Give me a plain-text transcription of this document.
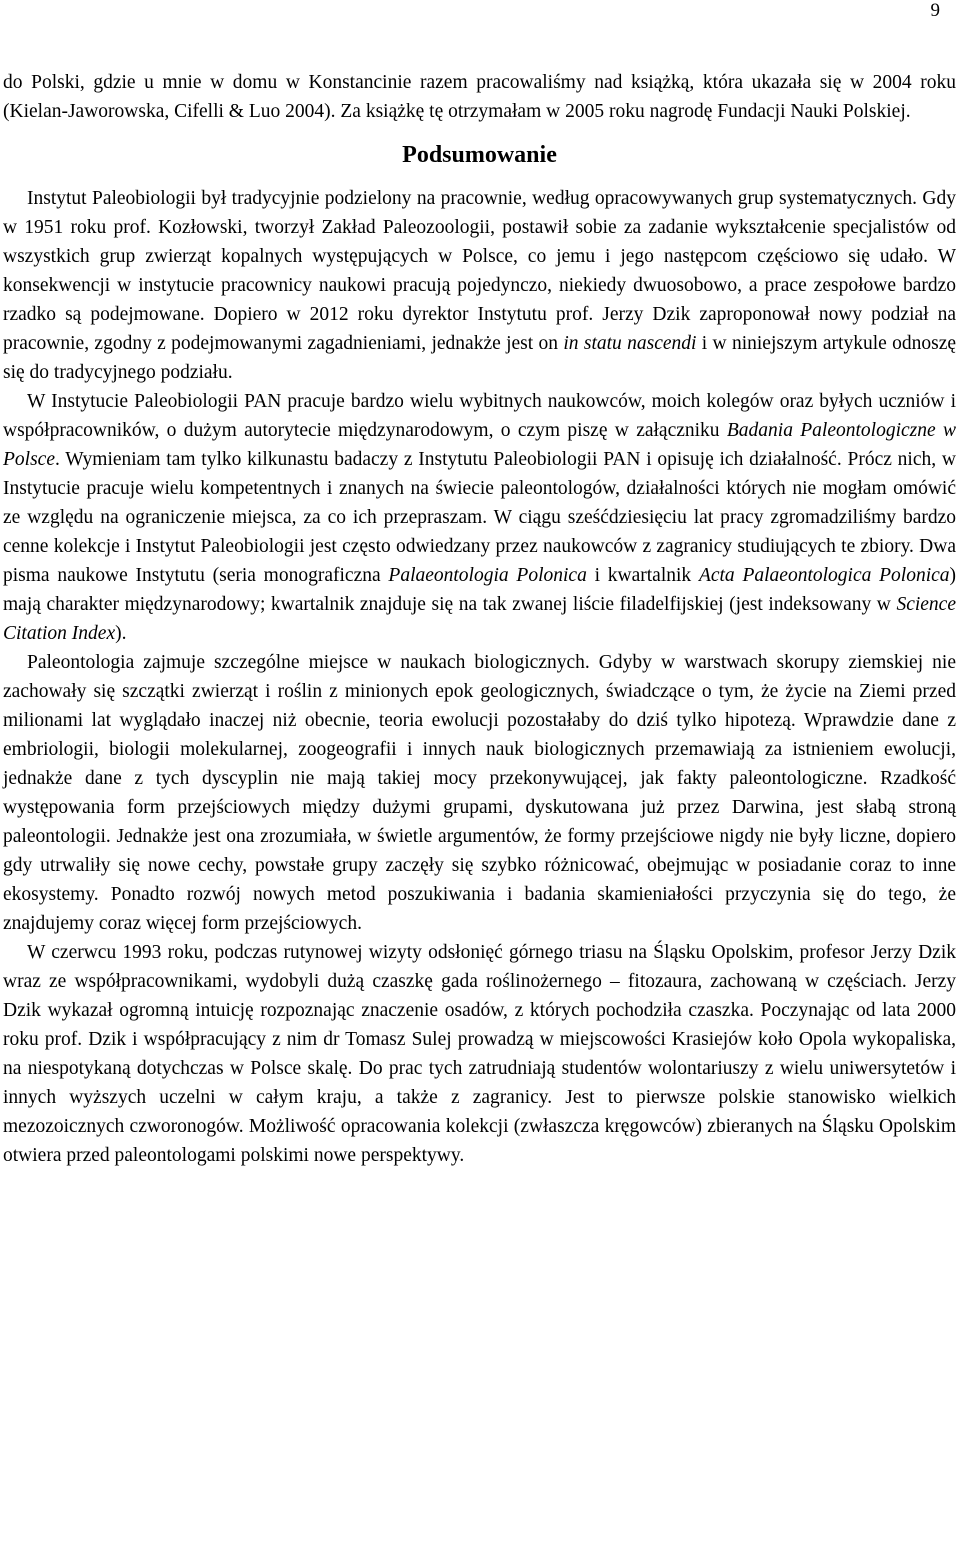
9

do Polski, gdzie u mnie w domu w Konstancinie razem pracowaliśmy nad książką, która ukazała się w 2004 roku (Kielan-Jaworowska, Cifelli & Luo 2004). Za książkę tę otrzymałam w 2005 roku nagrodę Fundacji Nauki Polskiej.

Podsumowanie

Instytut Paleobiologii był tradycyjnie podzielony na pracownie, według opracowywanych grup systematycznych. Gdy w 1951 roku prof. Kozłowski, tworzył Zakład Paleozoologii, postawił sobie za zadanie wykształcenie specjalistów od wszystkich grup zwierząt kopalnych występujących w Polsce, co jemu i jego następcom częściowo się udało. W konsekwencji w instytucie pracownicy naukowi pracują pojedynczo, niekiedy dwuosobowo, a prace zespołowe bardzo rzadko są podejmowane. Dopiero w 2012 roku dyrektor Instytutu prof. Jerzy Dzik zaproponował nowy podział na pracownie, zgodny z podejmowanymi zagadnieniami, jednakże jest on in statu nascendi i w niniejszym artykule odnoszę się do tradycyjnego podziału.

W Instytucie Paleobiologii PAN pracuje bardzo wielu wybitnych naukowców, moich kolegów oraz byłych uczniów i współpracowników, o dużym autorytecie międzynarodowym, o czym piszę w załączniku Badania Paleontologiczne w Polsce. Wymieniam tam tylko kilkunastu badaczy z Instytutu Paleobiologii PAN i opisuję ich działalność. Prócz nich, w Instytucie pracuje wielu kompetentnych i znanych na świecie paleontologów, działalności których nie mogłam omówić ze względu na ograniczenie miejsca, za co ich przepraszam. W ciągu sześćdziesięciu lat pracy zgromadziliśmy bardzo cenne kolekcje i Instytut Paleobiologii jest często odwiedzany przez naukowców z zagranicy studiujących te zbiory. Dwa pisma naukowe Instytutu (seria monograficzna Palaeontologia Polonica i kwartalnik Acta Palaeontologica Polonica) mają charakter międzynarodowy; kwartalnik znajduje się na tak zwanej liście filadelfijskiej (jest indeksowany w Science Citation Index).

Paleontologia zajmuje szczególne miejsce w naukach biologicznych. Gdyby w warstwach skorupy ziemskiej nie zachowały się szczątki zwierząt i roślin z minionych epok geologicznych, świadczące o tym, że życie na Ziemi przed milionami lat wyglądało inaczej niż obecnie, teoria ewolucji pozostałaby do dziś tylko hipotezą. Wprawdzie dane z embriologii, biologii molekularnej, zoogeografii i innych nauk biologicznych przemawiają za istnieniem ewolucji, jednakże dane z tych dyscyplin nie mają takiej mocy przekonywującej, jak fakty paleontologiczne. Rzadkość występowania form przejściowych między dużymi grupami, dyskutowana już przez Darwina, jest słabą stroną paleontologii. Jednakże jest ona zrozumiała, w świetle argumentów, że formy przejściowe nigdy nie były liczne, dopiero gdy utrwaliły się nowe cechy, powstałe grupy zaczęły się szybko różnicować, obejmując w posiadanie coraz to inne ekosystemy. Ponadto rozwój nowych metod poszukiwania i badania skamieniałości przyczynia się do tego, że znajdujemy coraz więcej form przejściowych.

W czerwcu 1993 roku, podczas rutynowej wizyty odsłonięć górnego triasu na Śląsku Opolskim, profesor Jerzy Dzik wraz ze współpracownikami, wydobyli dużą czaszkę gada roślinożernego – fitozaura, zachowaną w częściach. Jerzy Dzik wykazał ogromną intuicję rozpoznając znaczenie osadów, z których pochodziła czaszka. Poczynając od lata 2000 roku prof. Dzik i współpracujący z nim dr Tomasz Sulej prowadzą w miejscowości Krasiejów koło Opola wykopaliska, na niespotykaną dotychczas w Polsce skalę. Do prac tych zatrudniają studentów wolontariuszy z wielu uniwersytetów i innych wyższych uczelni w całym kraju, a także z zagranicy. Jest to pierwsze polskie stanowisko wielkich mezozoicznych czworonogów. Możliwość opracowania kolekcji (zwłaszcza kręgowców) zbieranych na Śląsku Opolskim otwiera przed paleontologami polskimi nowe perspektywy.
